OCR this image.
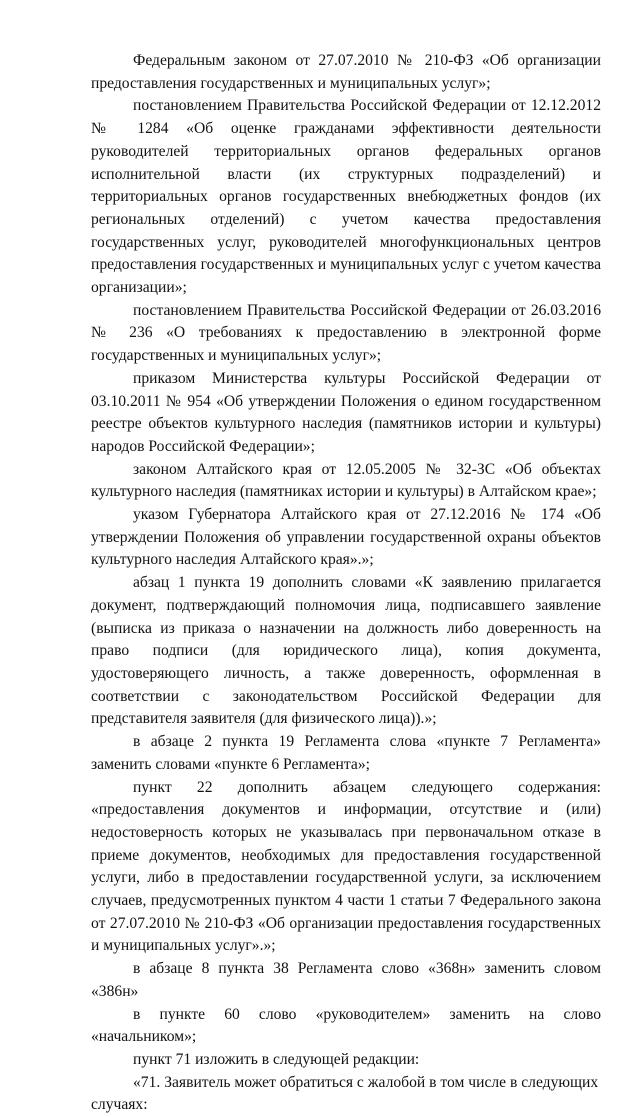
Федеральным законом от 27.07.2010 № 210-ФЗ «Об организации предоставления государственных и муниципальных услуг»;

постановлением Правительства Российской Федерации от 12.12.2012 № 1284 «Об оценке гражданами эффективности деятельности руководителей территориальных органов федеральных органов исполнительной власти (их структурных подразделений) и территориальных органов государственных внебюджетных фондов (их региональных отделений) с учетом качества предоставления государственных услуг, руководителей многофункциональных центров предоставления государственных и муниципальных услуг с учетом качества организации»;

постановлением Правительства Российской Федерации от 26.03.2016 № 236 «О требованиях к предоставлению в электронной форме государственных и муниципальных услуг»;

приказом Министерства культуры Российской Федерации от 03.10.2011 № 954 «Об утверждении Положения о едином государственном реестре объектов культурного наследия (памятников истории и культуры) народов Российской Федерации»;

законом Алтайского края от 12.05.2005 № 32-ЗС «Об объектах культурного наследия (памятниках истории и культуры) в Алтайском крае»;

указом Губернатора Алтайского края от 27.12.2016 № 174 «Об утверждении Положения об управлении государственной охраны объектов культурного наследия Алтайского края».»;

абзац 1 пункта 19 дополнить словами «К заявлению прилагается документ, подтверждающий полномочия лица, подписавшего заявление (выписка из приказа о назначении на должность либо доверенность на право подписи (для юридического лица), копия документа, удостоверяющего личность, а также доверенность, оформленная в соответствии с законодательством Российской Федерации для представителя заявителя (для физического лица)).»;

в абзаце 2 пункта 19 Регламента слова «пункте 7 Регламента» заменить словами «пункте 6 Регламента»;

пункт 22 дополнить абзацем следующего содержания: «предоставления документов и информации, отсутствие и (или) недостоверность которых не указывалась при первоначальном отказе в приеме документов, необходимых для предоставления государственной услуги, либо в предоставлении государственной услуги, за исключением случаев, предусмотренных пунктом 4 части 1 статьи 7 Федерального закона от 27.07.2010 № 210-ФЗ «Об организации предоставления государственных и муниципальных услуг».»;

в абзаце 8 пункта 38 Регламента слово «368н» заменить словом «386н»

в пункте 60 слово «руководителем» заменить на слово «начальником»;

пункт 71 изложить в следующей редакции:

«71. Заявитель может обратиться с жалобой в том числе в следующих случаях:
